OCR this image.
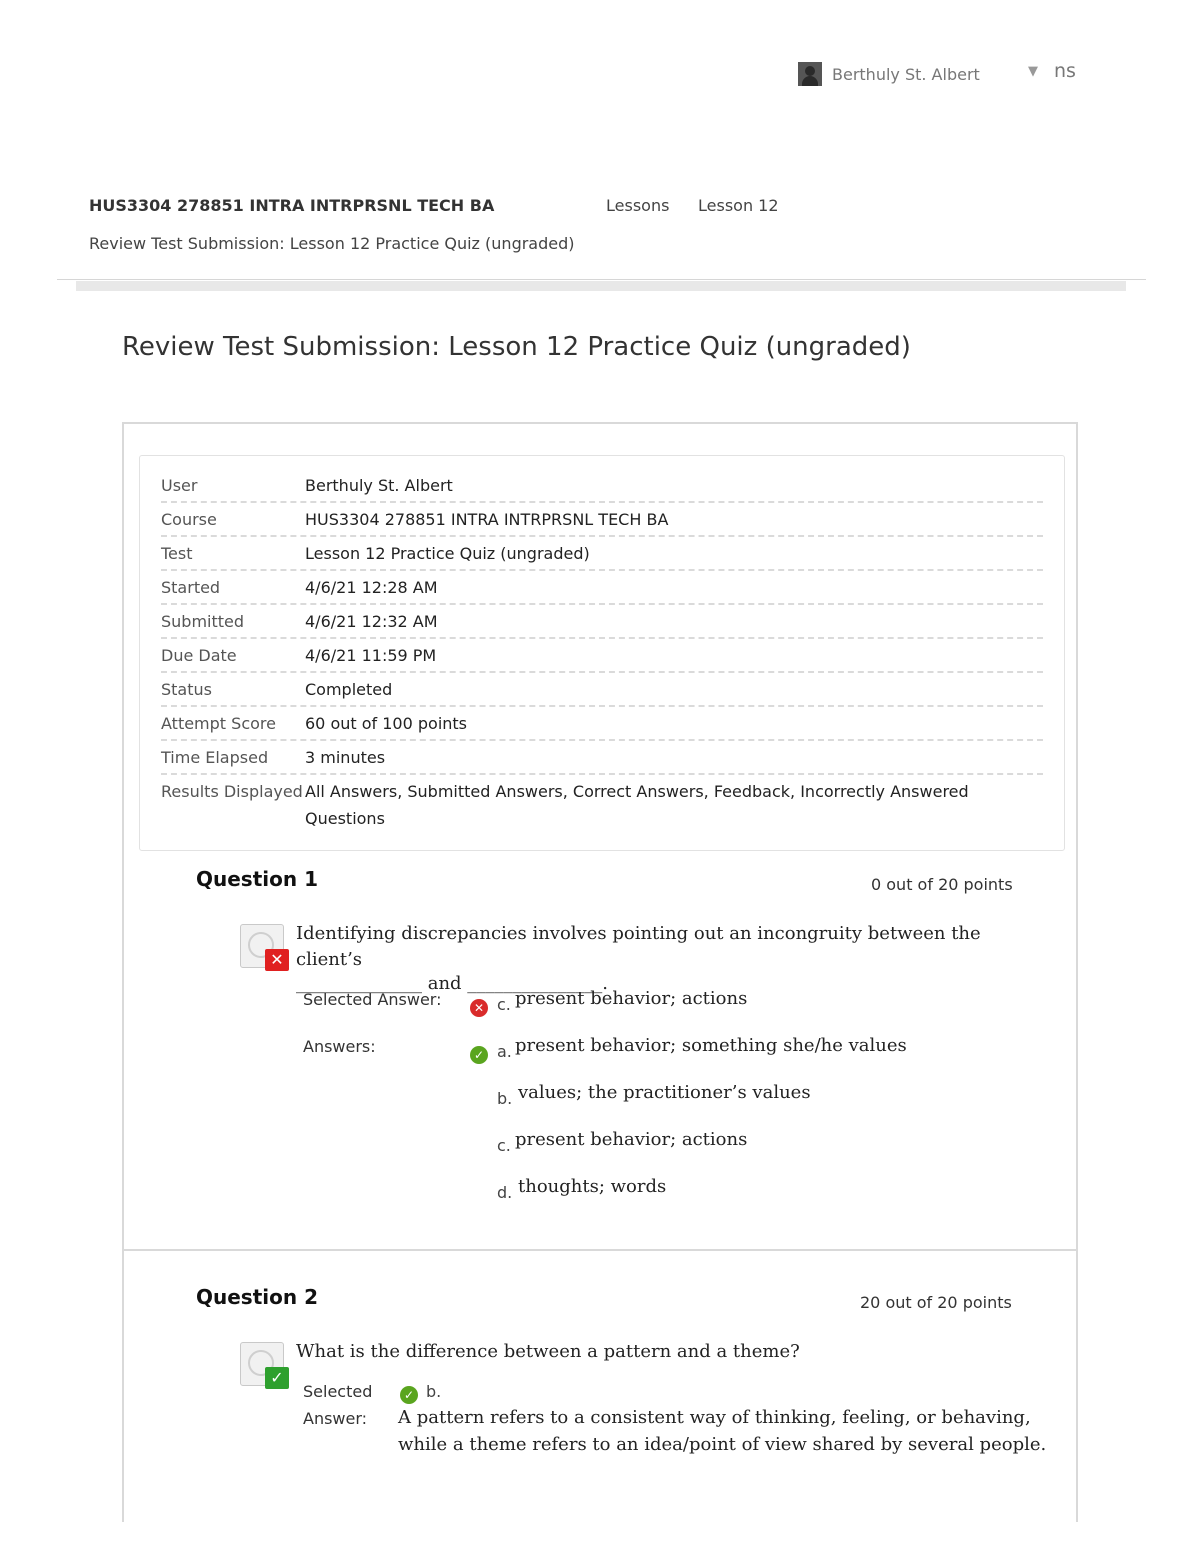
Berthuly St. Albert	▼ ns
HUS3304 278851 INTRA INTRPRSNL TECH BA	Lessons Lesson 12
Review Test Submission: Lesson 12 Practice Quiz (ungraded)
Review Test Submission: Lesson 12 Practice Quiz (ungraded)
User	Berthuly St. Albert
Course	HUS3304 278851 INTRA INTRPRSNL TECH BA
Test	Lesson 12 Practice Quiz (ungraded)
Started	4/6/21 12:28 AM
Submitted	4/6/21 12:32 AM
Due Date	4/6/21 11:59 PM
Status	Completed
Attempt Score	60 out of 100 points
Time Elapsed	3 minutes
Results Displayed All Answers, Submitted Answers, Correct Answers, Feedback, Incorrectly Answered Questions
Question 1	0 out of 20 points
✕
Identifying discrepancies involves pointing out an incongruity between the client’s
______________ and _______________.
Selected Answer:	✕ c. present behavior; actions
Answers:	✓ a. present behavior; something she/he values
b. values; the practitioner’s values
c. present behavior; actions
d. thoughts; words
Question 2	20 out of 20 points
✓
What is the difference between a pattern and a theme?
Selected
Answer:
✓ b.
A pattern refers to a consistent way of thinking, feeling, or behaving,
while a theme refers to an idea/point of view shared by several people.
